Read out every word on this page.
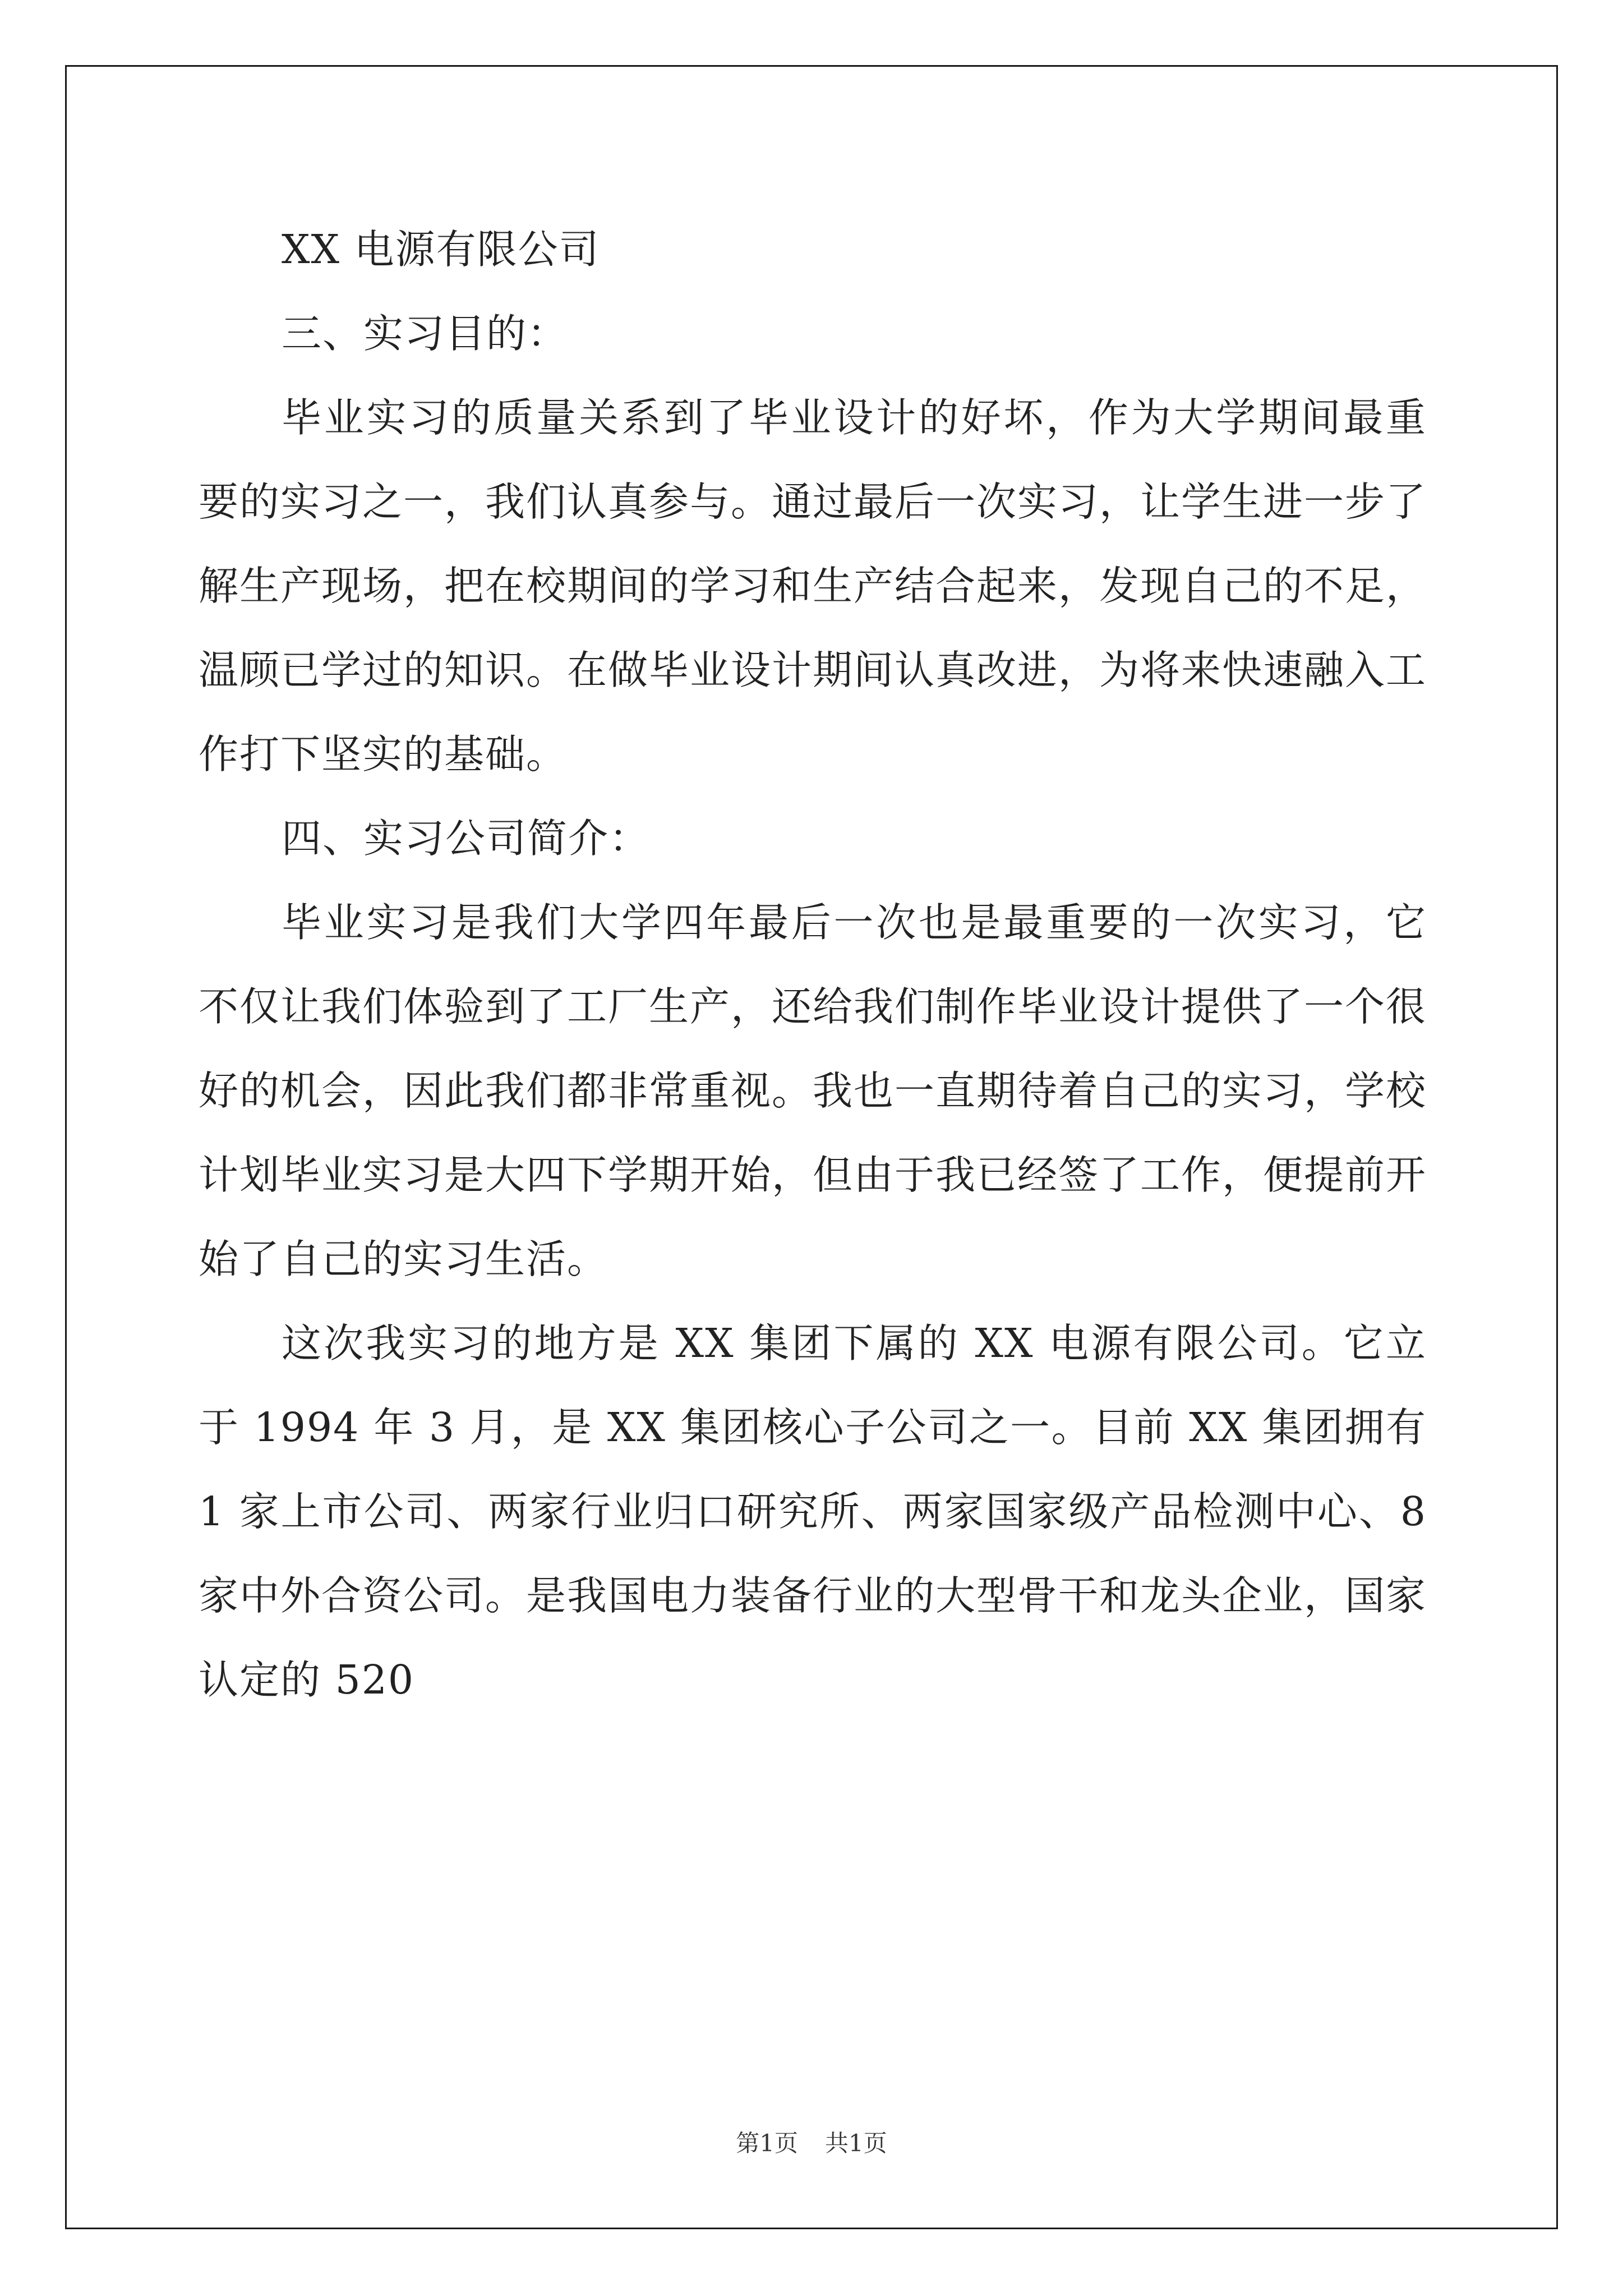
XX 电源有限公司

三、实习目的：

毕业实习的质量关系到了毕业设计的好坏，作为大学期间最重要的实习之一，我们认真参与。通过最后一次实习，让学生进一步了解生产现场，把在校期间的学习和生产结合起来，发现自己的不足，温顾已学过的知识。在做毕业设计期间认真改进，为将来快速融入工作打下坚实的基础。

四、实习公司简介：

毕业实习是我们大学四年最后一次也是最重要的一次实习，它不仅让我们体验到了工厂生产，还给我们制作毕业设计提供了一个很好的机会，因此我们都非常重视。我也一直期待着自己的实习，学校计划毕业实习是大四下学期开始，但由于我已经签了工作，便提前开始了自己的实习生活。

这次我实习的地方是 XX 集团下属的 XX 电源有限公司。它立于 1994 年 3 月，是 XX 集团核心子公司之一。目前 XX 集团拥有 1 家上市公司、两家行业归口研究所、两家国家级产品检测中心、8 家中外合资公司。是我国电力装备行业的大型骨干和龙头企业，国家认定的 520

第1页 共1页
